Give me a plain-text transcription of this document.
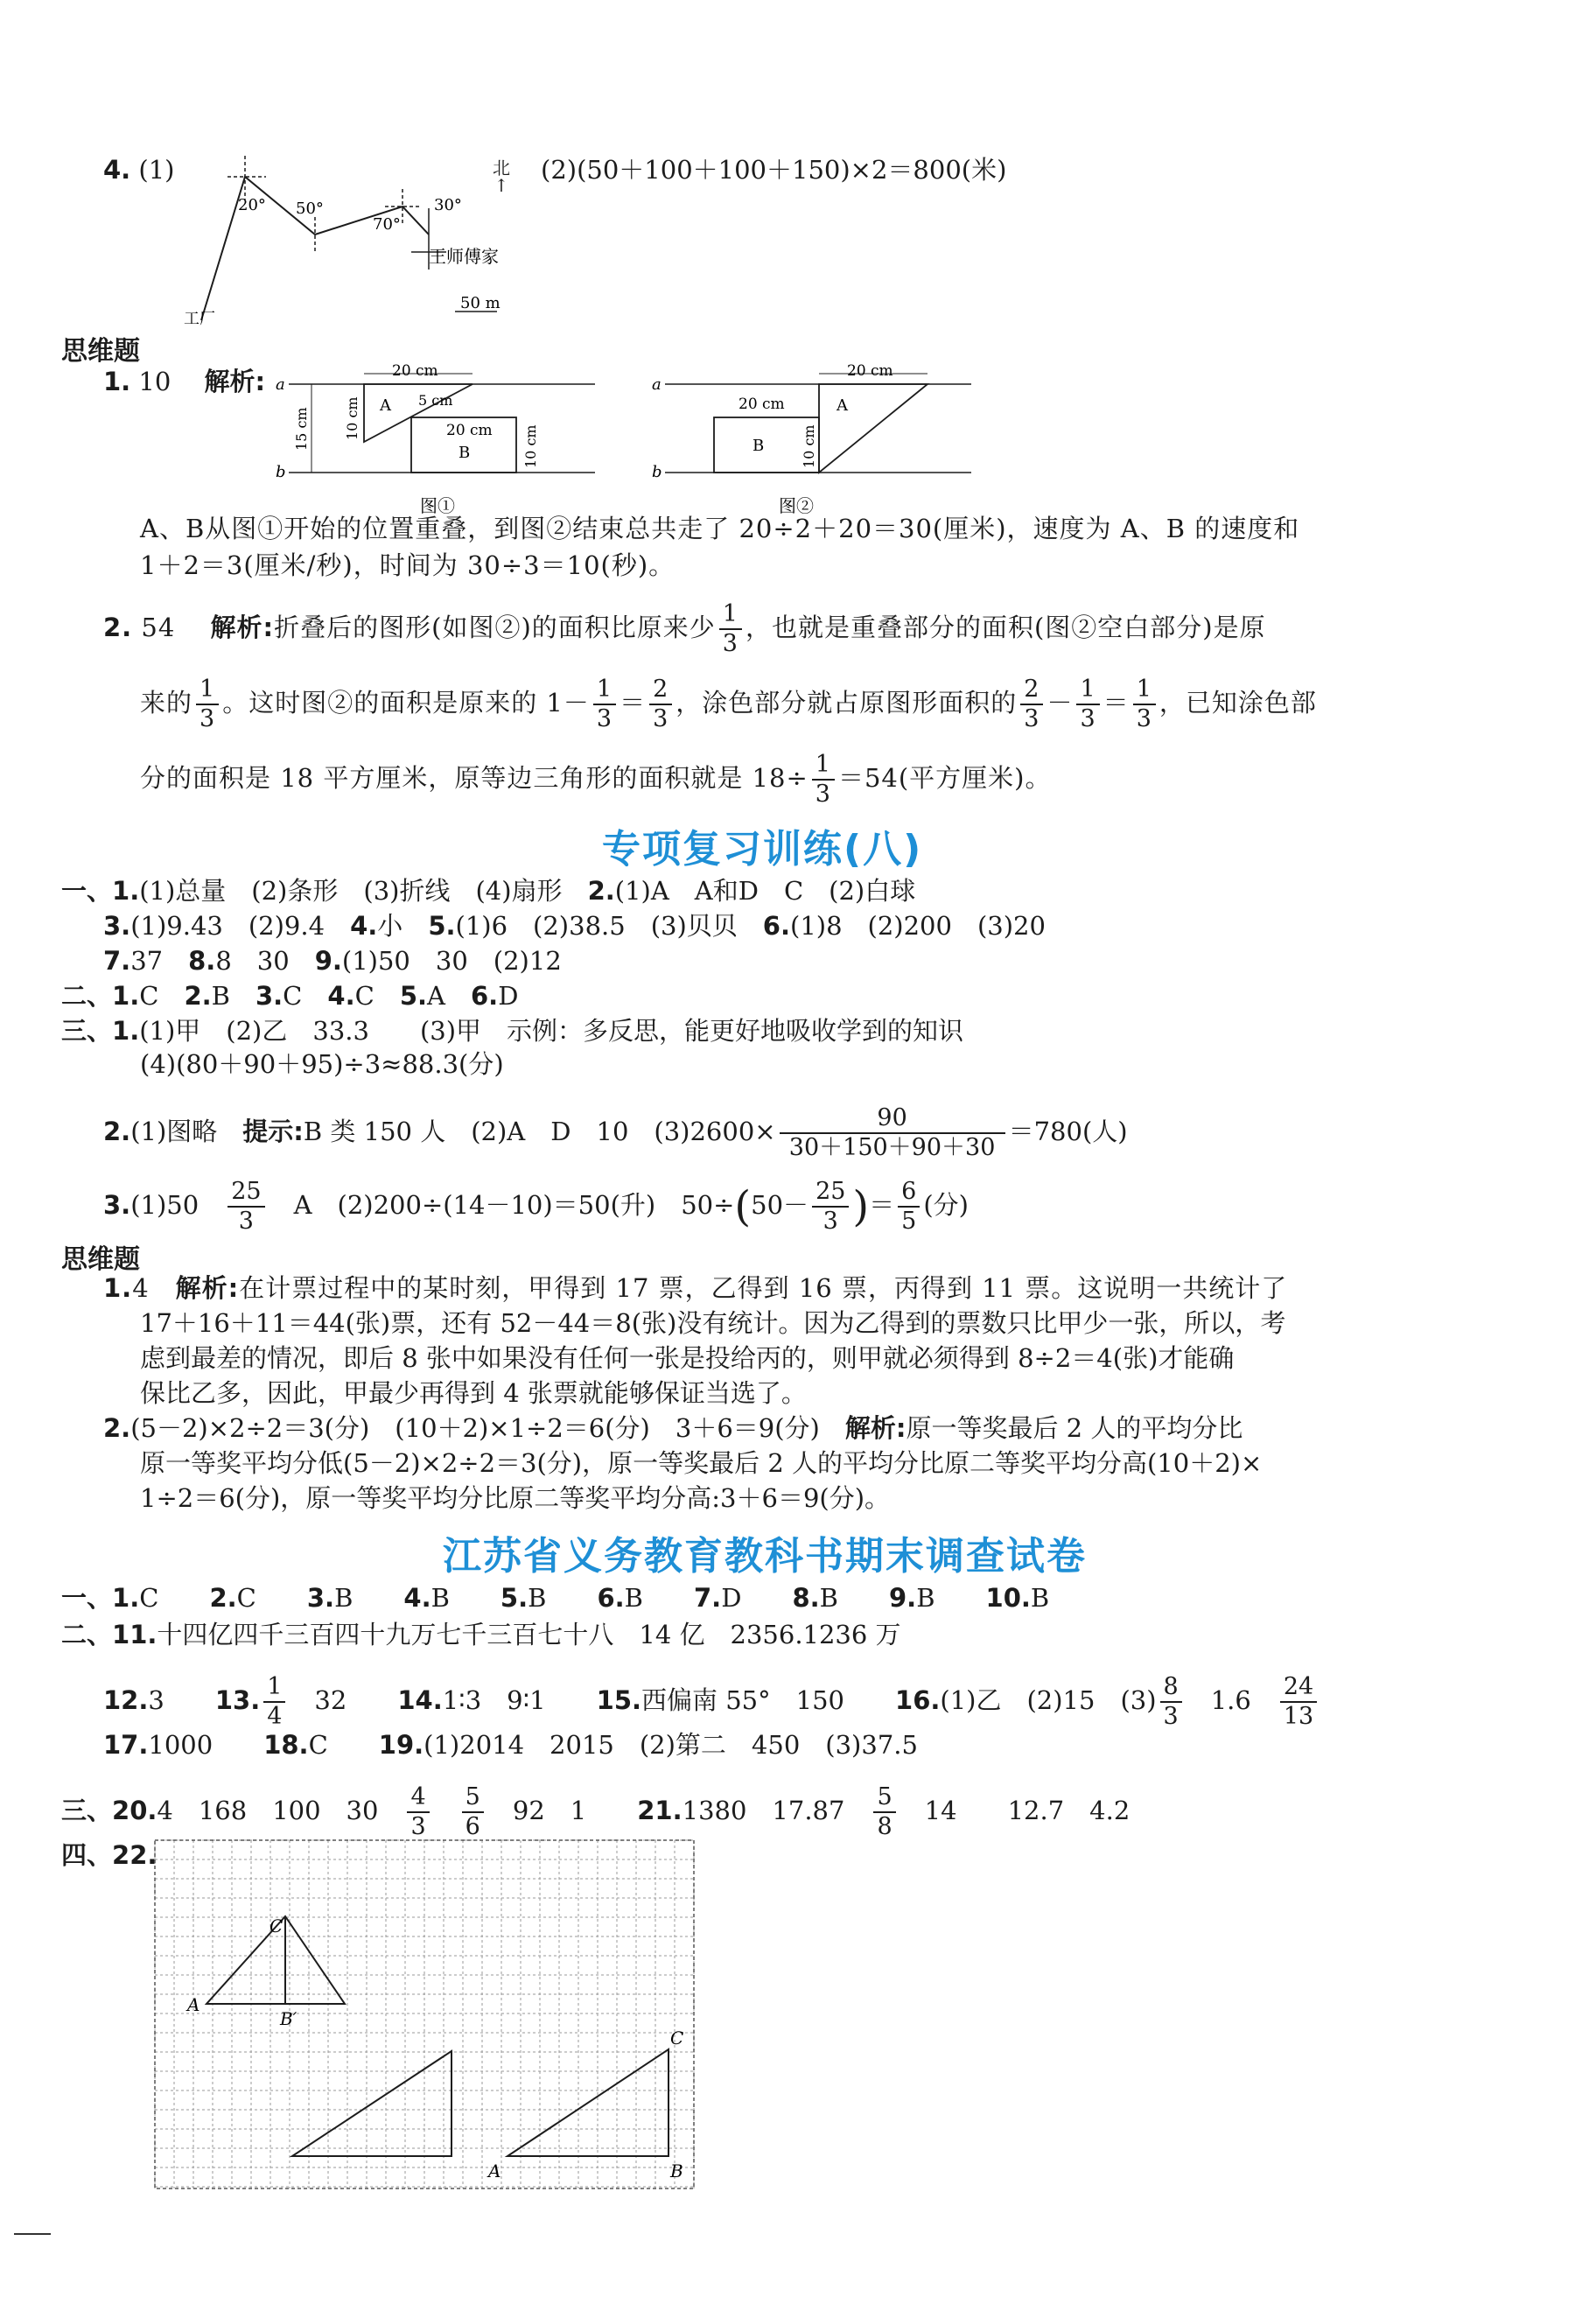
4. (1)
20° 50°
70°
30°
王师傅家
工厂
50 m
北
↑
(2)(50＋100＋100＋150)×2＝800(米)
思维题
1. 10　 解析: a
b
20 cm
5 cm
A
20 cm
B
15 cm 10 cm
10 cm
图①
a
b
20 cm
20 cm	A
B	10 cm
图②
A、B从图①开始的位置重叠，到图②结束总共走了 20÷2＋20＝30(厘米)，速度为 A、B 的速度和
1＋2＝3(厘米/秒)，时间为 30÷3＝10(秒)。
2. 54　 解析:折叠后的图形(如图②)的面积比原来少 $\frac{1}{3}$ ，也就是重叠部分的面积(图②空白部分)是原
来的 $\frac{1}{3}$ 。这时图②的面积是原来的 $1- \frac{1}{3} = \frac{2}{3}$ ，涂色部分就占原图形面积的 $\frac{2}{3} - \frac{1}{3} = \frac{1}{3}$ ，已知涂色部
分的面积是 18 平方厘米，原等边三角形的面积就是 $18\div \frac{1}{3} =54$(平方厘米)。
专项复习训练(八)
一、1.(1)总量　(2)条形　(3)折线　(4)扇形　 2.(1)A　A和D　C　(2)白球
3.(1)9.43　(2)9.4　 4.小　 5.(1)6　(2)38.5　(3)贝贝　 6.(1)8　(2)200　(3)20
7.37　 8.8　30　 9.(1)50　30　(2)12
二、1.C　 2.B　 3.C　 4.C　 5.A　 6.D
三、1.(1)甲　(2)乙　33.3　　(3)甲　示例：多反思，能更好地吸收学到的知识
(4)(80＋90＋95)÷3≈88.3(分)
2.(1)图略　提示:B 类 150 人　(2)A　D　10　$(3)2600\times \frac{90}{30+150+90+30} =780$(人)
3.(1)50　 $\frac{25}{3}$
　 A　(2)200÷(14－10)＝50(升)　$50\div(50- \frac{25}{3}$ )＝ $\frac{6}{5}$ (分)
思维题
1.4　 解析:在计票过程中的某时刻，甲得到 17 票，乙得到 16 票，丙得到 11 票。这说明一共统计了
17＋16＋11＝44(张)票，还有 52－44＝8(张)没有统计。因为乙得到的票数只比甲少一张，所以，考
虑到最差的情况，即后 8 张中如果没有任何一张是投给丙的，则甲就必须得到 8÷2＝4(张)才能确
保比乙多，因此，甲最少再得到 4 张票就能够保证当选了。
2.(5－2)×2÷2＝3(分)　(10＋2)×1÷2＝6(分)　3＋6＝9(分)　解析:原一等奖最后 2 人的平均分比
原一等奖平均分低(5－2)×2÷2＝3(分)，原一等奖最后 2 人的平均分比原二等奖平均分高(10＋2)×
1÷2＝6(分)，原一等奖平均分比原二等奖平均分高:3＋6＝9(分)。
江苏省义务教育教科书期末调查试卷
一、1.C　　 2.C　　 3.B　　 4.B　　 5.B　　 6.B　　 7.D　　 8.B　　 9.B　　 10.B
二、11.十四亿四千三百四十九万七千三百七十八　14 亿　2356.1236 万
12.3　　 13. $\frac{1}{4}$
　 32　　 14.1∶3　9∶1　　 15.西偏南 55°　150　　 16.(1)乙　(2)15　$(3) \frac{8}{3}$
　 1.6　 $\frac{24}{13}$
17.1000　　 18.C　　 19.(1)2014　2015　(2)第二　450　(3)37.5
三、20.4　168　100　30　 $\frac{4}{3}$
　 $\frac{5}{6}$
　 92　1　　 21.1380　17.87　 $\frac{5}{8}$
　 14　　12.7　4.2
四、22.
C
A
B′
C
A	B
